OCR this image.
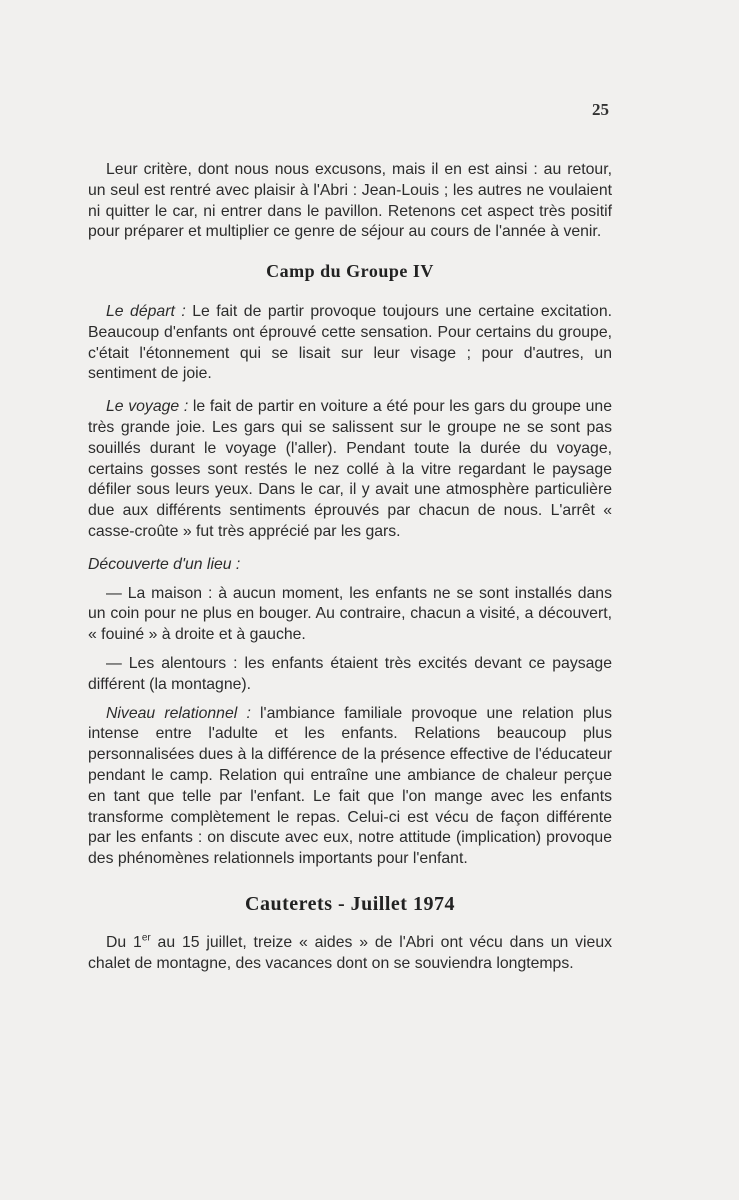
25

Leur critère, dont nous nous excusons, mais il en est ainsi : au retour, un seul est rentré avec plaisir à l'Abri : Jean-Louis ; les autres ne voulaient ni quitter le car, ni entrer dans le pavillon. Retenons cet aspect très positif pour préparer et multiplier ce genre de séjour au cours de l'année à venir.

Camp du Groupe IV

Le départ : Le fait de partir provoque toujours une certaine excitation. Beaucoup d'enfants ont éprouvé cette sensation. Pour certains du groupe, c'était l'étonnement qui se lisait sur leur visage ; pour d'autres, un sentiment de joie.

Le voyage : le fait de partir en voiture a été pour les gars du groupe une très grande joie. Les gars qui se salissent sur le groupe ne se sont pas souillés durant le voyage (l'aller). Pendant toute la durée du voyage, certains gosses sont restés le nez collé à la vitre regardant le paysage défiler sous leurs yeux. Dans le car, il y avait une atmosphère particulière due aux différents sentiments éprouvés par chacun de nous. L'arrêt « casse-croûte » fut très apprécié par les gars.

Découverte d'un lieu :

— La maison : à aucun moment, les enfants ne se sont installés dans un coin pour ne plus en bouger. Au contraire, chacun a visité, a découvert, « fouiné » à droite et à gauche.

— Les alentours : les enfants étaient très excités devant ce paysage différent (la montagne).

Niveau relationnel : l'ambiance familiale provoque une relation plus intense entre l'adulte et les enfants. Relations beaucoup plus personnalisées dues à la différence de la présence effective de l'éducateur pendant le camp. Relation qui entraîne une ambiance de chaleur perçue en tant que telle par l'enfant. Le fait que l'on mange avec les enfants transforme complètement le repas. Celui-ci est vécu de façon différente par les enfants : on discute avec eux, notre attitude (implication) provoque des phénomènes relationnels importants pour l'enfant.

Cauterets - Juillet 1974

Du 1er au 15 juillet, treize « aides » de l'Abri ont vécu dans un vieux chalet de montagne, des vacances dont on se souviendra longtemps.
